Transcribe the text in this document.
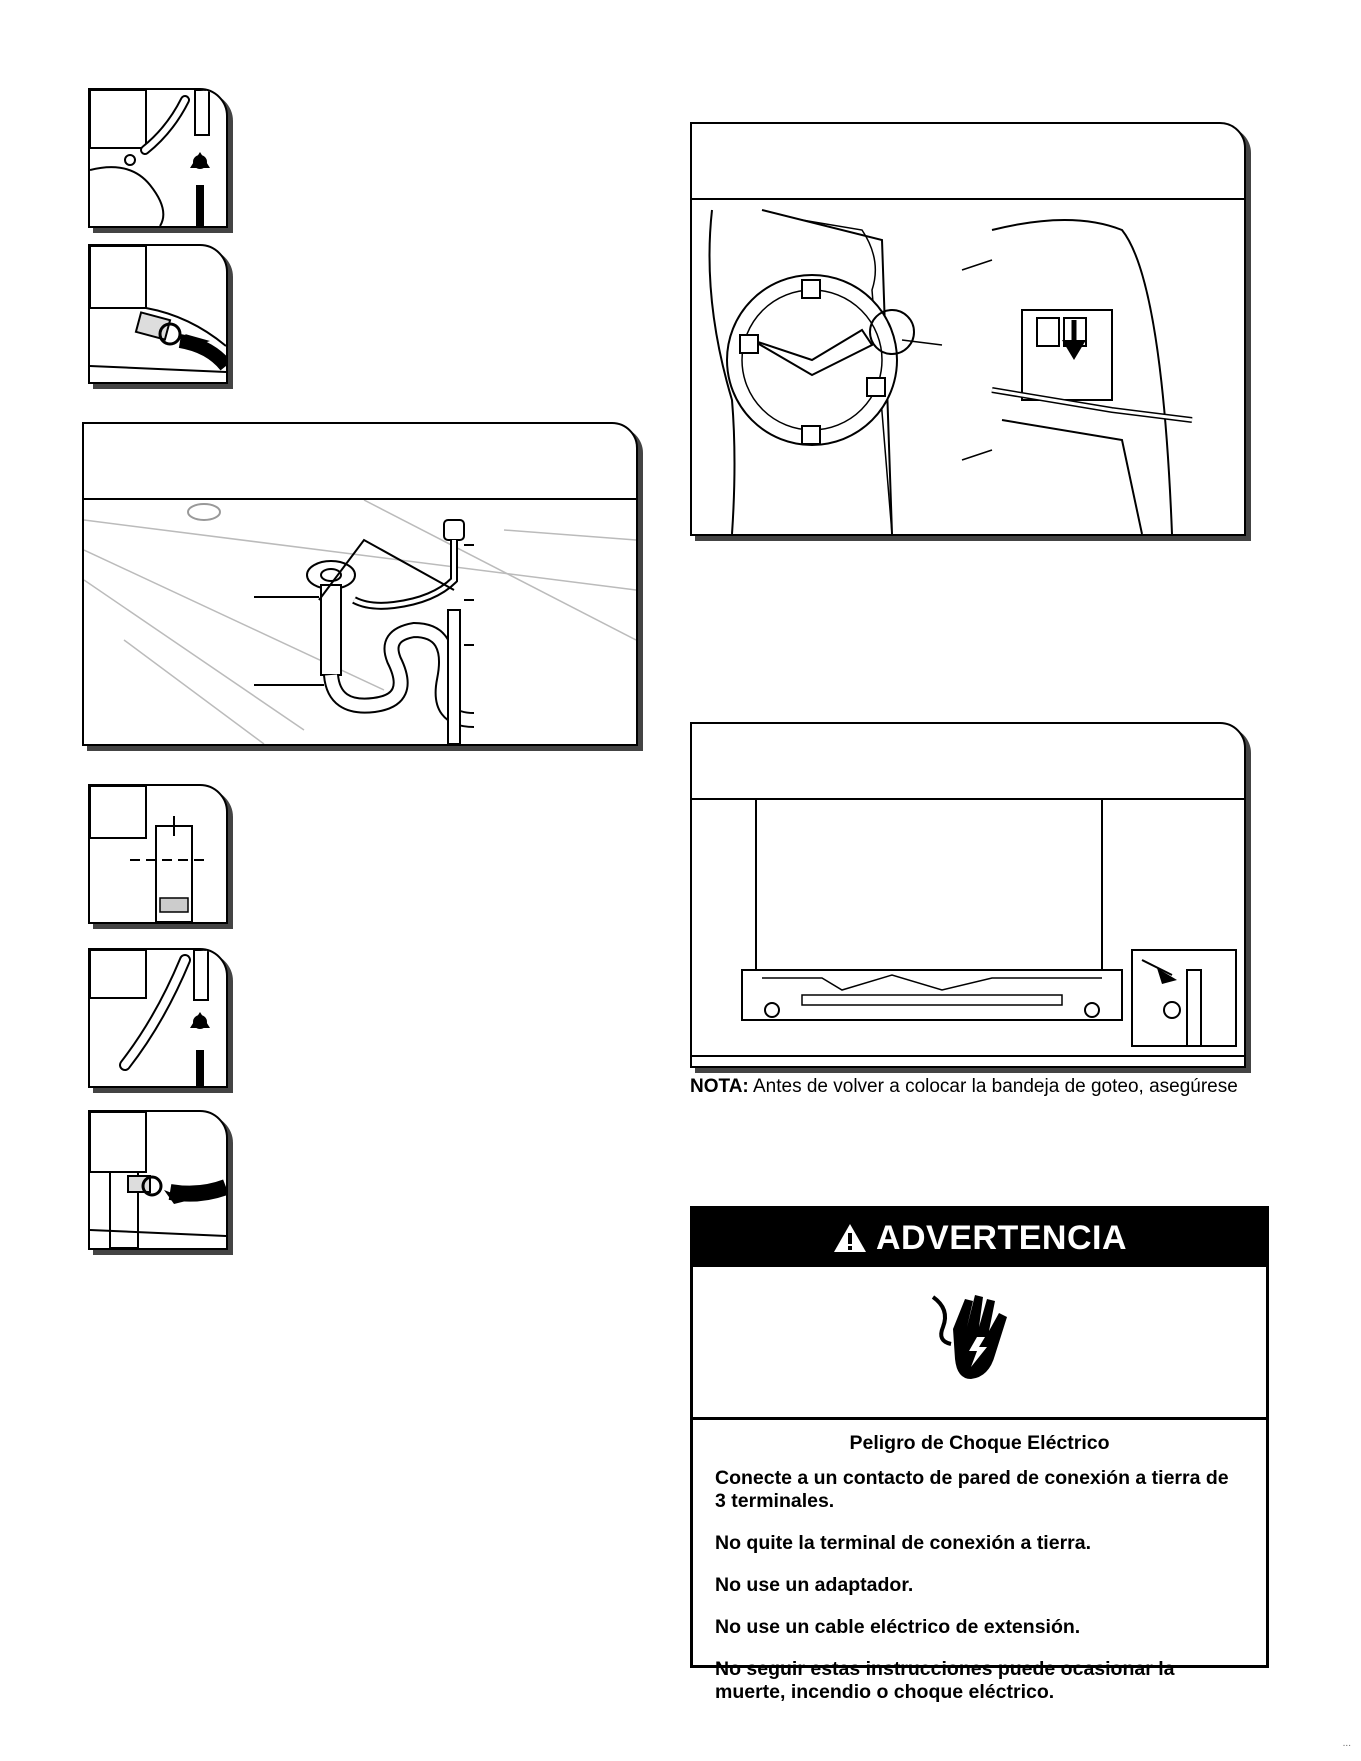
NOTA: Antes de volver a colocar la bandeja de goteo, asegúrese
ADVERTENCIA
Peligro de Choque Eléctrico

Conecte a un contacto de pared de conexión a tierra de 3 terminales.

No quite la terminal de conexión a tierra.

No use un adaptador.

No use un cable eléctrico de extensión.

No seguir estas instrucciones puede ocasionar la muerte, incendio o choque eléctrico.

...
